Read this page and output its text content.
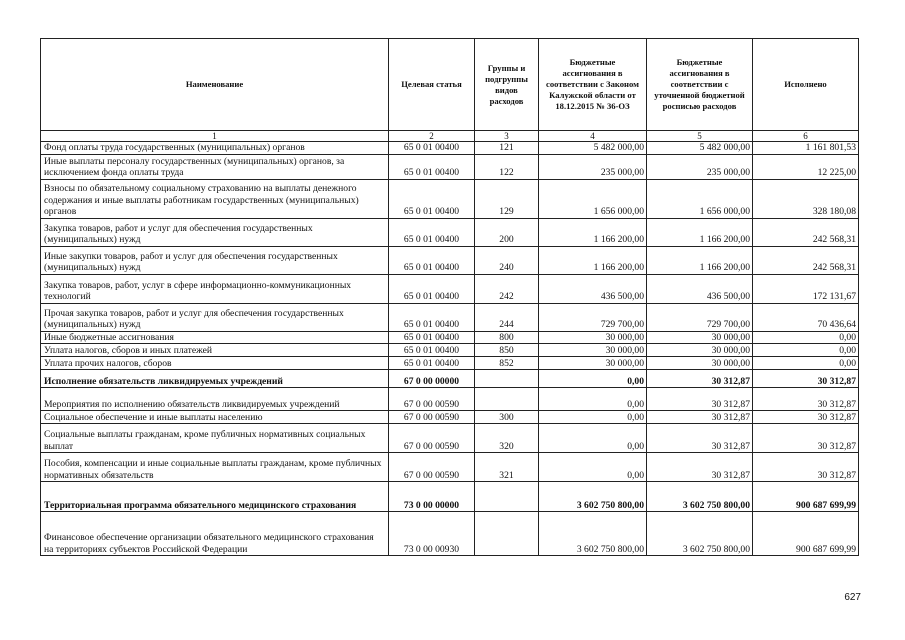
Наименование	Целевая статья	Группы и подгруппы видов расходов	Бюджетные ассигнования в соответствии с Законом Калужской области от 18.12.2015 № 36-ОЗ	Бюджетные ассигнования в соответствии с уточненной бюджетной росписью расходов	Исполнено
1	2	3	4	5	6
Фонд оплаты труда государственных (муниципальных) органов	65 0 01 00400	121	5 482 000,00	5 482 000,00	1 161 801,53
Иные выплаты персоналу государственных (муниципальных) органов, за исключением фонда оплаты труда	65 0 01 00400	122	235 000,00	235 000,00	12 225,00
Взносы по обязательному социальному страхованию на выплаты денежного содержания и иные выплаты работникам государственных (муниципальных) органов	65 0 01 00400	129	1 656 000,00	1 656 000,00	328 180,08
Закупка товаров, работ и услуг для обеспечения государственных (муниципальных) нужд	65 0 01 00400	200	1 166 200,00	1 166 200,00	242 568,31
Иные закупки товаров, работ и услуг для обеспечения государственных (муниципальных) нужд	65 0 01 00400	240	1 166 200,00	1 166 200,00	242 568,31
Закупка товаров, работ, услуг в сфере информационно-коммуникационных технологий	65 0 01 00400	242	436 500,00	436 500,00	172 131,67
Прочая закупка товаров, работ и услуг для обеспечения государственных (муниципальных) нужд	65 0 01 00400	244	729 700,00	729 700,00	70 436,64
Иные бюджетные ассигнования	65 0 01 00400	800	30 000,00	30 000,00	0,00
Уплата налогов, сборов и иных платежей	65 0 01 00400	850	30 000,00	30 000,00	0,00
Уплата прочих налогов, сборов	65 0 01 00400	852	30 000,00	30 000,00	0,00
Исполнение обязательств ликвидируемых учреждений	67 0 00 00000		0,00	30 312,87	30 312,87
Мероприятия по исполнению обязательств ликвидируемых учреждений	67 0 00 00590		0,00	30 312,87	30 312,87
Социальное обеспечение и иные выплаты населению	67 0 00 00590	300	0,00	30 312,87	30 312,87
Социальные выплаты гражданам, кроме публичных нормативных социальных выплат	67 0 00 00590	320	0,00	30 312,87	30 312,87
Пособия, компенсации и иные социальные выплаты гражданам, кроме публичных нормативных обязательств	67 0 00 00590	321	0,00	30 312,87	30 312,87
Территориальная программа обязательного медицинского страхования	73 0 00 00000		3 602 750 800,00	3 602 750 800,00	900 687 699,99
Финансовое обеспечение организации обязательного медицинского страхования на территориях субъектов Российской Федерации	73 0 00 00930		3 602 750 800,00	3 602 750 800,00	900 687 699,99
627
